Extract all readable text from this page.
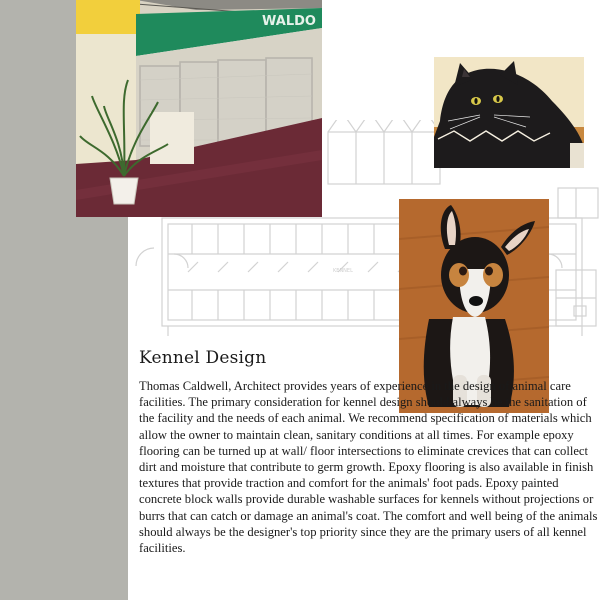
KENNEL
WALDO
Kennel Design

Thomas Caldwell, Architect provides years of experience in the design of animal care facilities. The primary consideration for kennel design should always be the sanitation of the facility and the needs of each animal. We recommend specification of materials which allow the owner to maintain clean, sanitary conditions at all times. For example epoxy flooring can be turned up at wall/ floor intersections to eliminate crevices that can collect dirt and moisture that contribute to germ growth. Epoxy flooring is also available in finish textures that provide traction and comfort for the animals' foot pads. Epoxy painted concrete block walls provide durable washable surfaces for kennels without projections or burrs that can catch or damage an animal's coat. The comfort and well being of the animals should always be the designer's top priority since they are the primary users of all kennel facilities.
